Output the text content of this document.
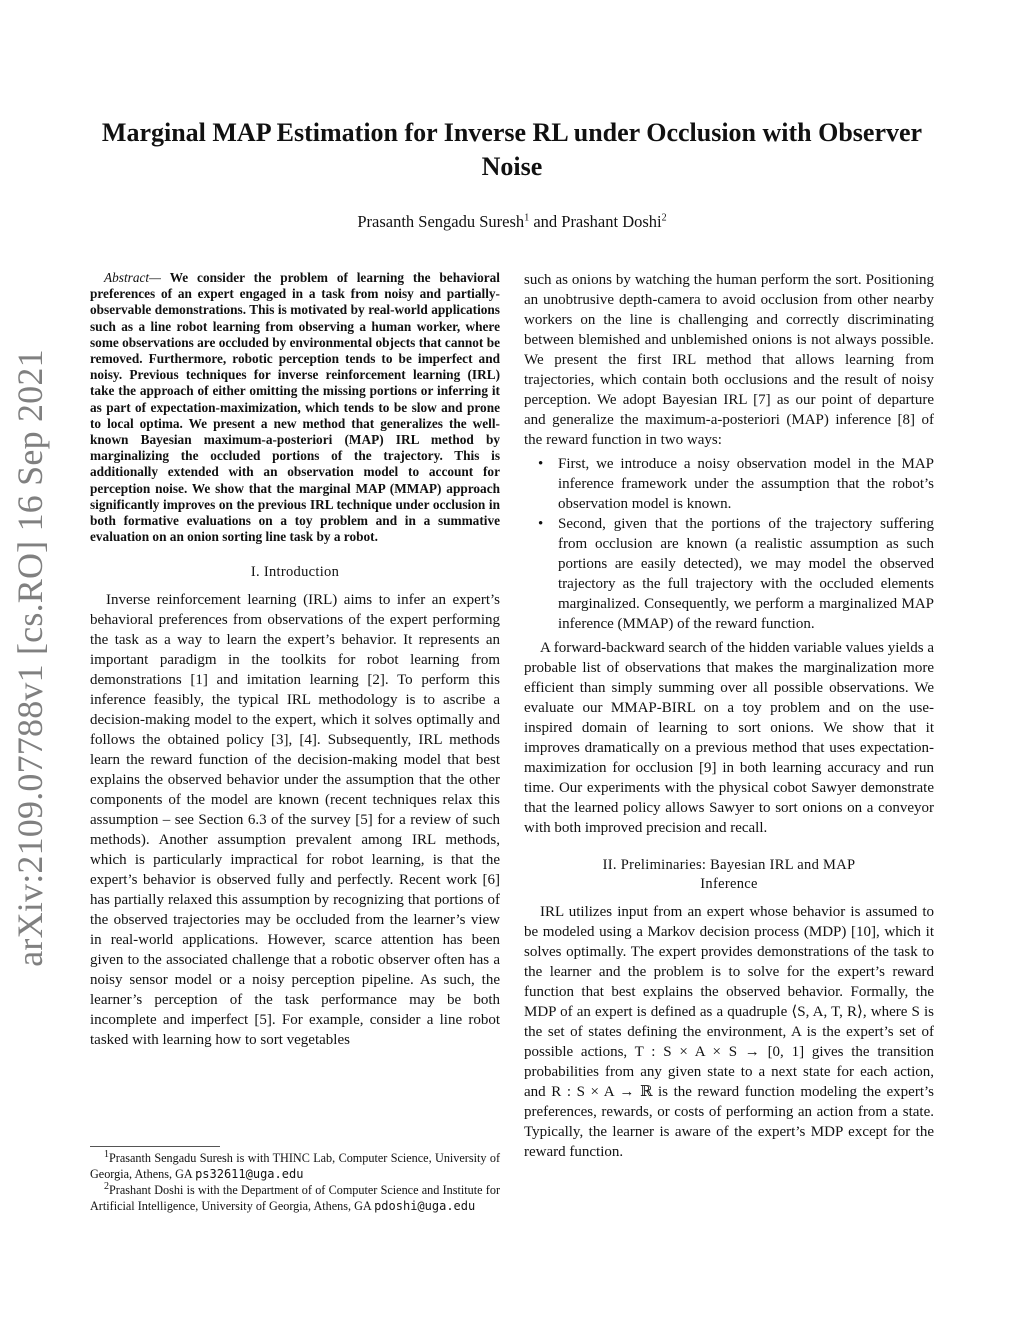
arXiv:2109.07788v1 [cs.RO] 16 Sep 2021
Marginal MAP Estimation for Inverse RL under Occlusion with Observer Noise
Prasanth Sengadu Suresh$^1$ and Prashant Doshi$^2$

Abstract— We consider the problem of learning the behavioral preferences of an expert engaged in a task from noisy and partially-observable demonstrations. This is motivated by real-world applications such as a line robot learning from observing a human worker, where some observations are occluded by environmental objects that cannot be removed. Furthermore, robotic perception tends to be imperfect and noisy. Previous techniques for inverse reinforcement learning (IRL) take the approach of either omitting the missing portions or inferring it as part of expectation-maximization, which tends to be slow and prone to local optima. We present a new method that generalizes the well-known Bayesian maximum-a-posteriori (MAP) IRL method by marginalizing the occluded portions of the trajectory. This is additionally extended with an observation model to account for perception noise. We show that the marginal MAP (MMAP) approach significantly improves on the previous IRL technique under occlusion in both formative evaluations on a toy problem and in a summative evaluation on an onion sorting line task by a robot.

I. Introduction

Inverse reinforcement learning (IRL) aims to infer an expert’s behavioral preferences from observations of the expert performing the task as a way to learn the expert’s behavior. It represents an important paradigm in the toolkits for robot learning from demonstrations [1] and imitation learning [2]. To perform this inference feasibly, the typical IRL methodology is to ascribe a decision-making model to the expert, which it solves optimally and follows the obtained policy [3], [4]. Subsequently, IRL methods learn the reward function of the decision-making model that best explains the observed behavior under the assumption that the other components of the model are known (recent techniques relax this assumption – see Section 6.3 of the survey [5] for a review of such methods). Another assumption prevalent among IRL methods, which is particularly impractical for robot learning, is that the expert’s behavior is observed fully and perfectly. Recent work [6] has partially relaxed this assumption by recognizing that portions of the observed trajectories may be occluded from the learner’s view in real-world applications. However, scarce attention has been given to the associated challenge that a robotic observer often has a noisy sensor model or a noisy perception pipeline. As such, the learner’s perception of the task performance may be both incomplete and imperfect [5]. For example, consider a line robot tasked with learning how to sort vegetables

$^1$Prasanth Sengadu Suresh is with THINC Lab, Computer Science, University of Georgia, Athens, GA ps32611@uga.edu

$^2$Prashant Doshi is with the Department of of Computer Science and Institute for Artificial Intelligence, University of Georgia, Athens, GA pdoshi@uga.edu

such as onions by watching the human perform the sort. Positioning an unobtrusive depth-camera to avoid occlusion from other nearby workers on the line is challenging and correctly discriminating between blemished and unblemished onions is not always possible. We present the first IRL method that allows learning from trajectories, which contain both occlusions and the result of noisy perception. We adopt Bayesian IRL [7] as our point of departure and generalize the maximum-a-posteriori (MAP) inference [8] of the reward function in two ways:

• First, we introduce a noisy observation model in the MAP inference framework under the assumption that the robot’s observation model is known.
• Second, given that the portions of the trajectory suffering from occlusion are known (a realistic assumption as such portions are easily detected), we may model the observed trajectory as the full trajectory with the occluded elements marginalized. Consequently, we perform a marginalized MAP inference (MMAP) of the reward function.

A forward-backward search of the hidden variable values yields a probable list of observations that makes the marginalization more efficient than simply summing over all possible observations. We evaluate our MMAP-BIRL on a toy problem and on the use-inspired domain of learning to sort onions. We show that it improves dramatically on a previous method that uses expectation-maximization for occlusion [9] in both learning accuracy and run time. Our experiments with the physical cobot Sawyer demonstrate that the learned policy allows Sawyer to sort onions on a conveyor with both improved precision and recall.

II. Preliminaries: Bayesian IRL and MAP
Inference

IRL utilizes input from an expert whose behavior is assumed to be modeled using a Markov decision process (MDP) [10], which it solves optimally. The expert provides demonstrations of the task to the learner and the problem is to solve for the expert’s reward function that best explains the observed behavior. Formally, the MDP of an expert is defined as a quadruple ⟨S, A, T, R⟩, where S is the set of states defining the environment, A is the expert’s set of possible actions, T : S × A × S → [0, 1] gives the transition probabilities from any given state to a next state for each action, and R : S × A → ℝ is the reward function modeling the expert’s preferences, rewards, or costs of performing an action from a state. Typically, the learner is aware of the expert’s MDP except for the reward function.
